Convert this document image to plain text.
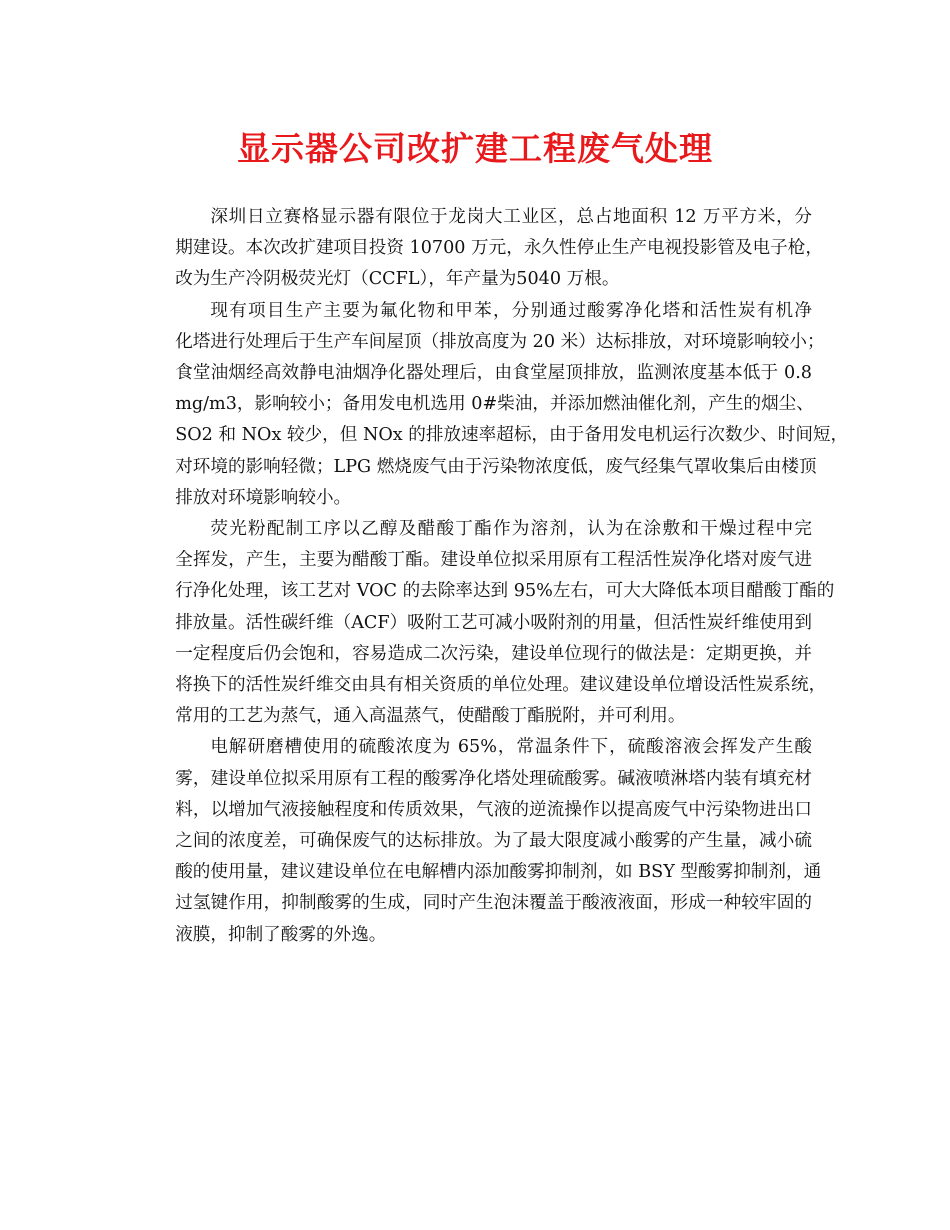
显示器公司改扩建工程废气处理

深圳日立赛格显示器有限位于龙岗大工业区，总占地面积 12 万平方米，分
期建设。本次改扩建项目投资 10700 万元，永久性停止生产电视投影管及电子枪，
改为生产冷阴极荧光灯（CCFL），年产量为5040 万根。

现有项目生产主要为氟化物和甲苯，分别通过酸雾净化塔和活性炭有机净
化塔进行处理后于生产车间屋顶（排放高度为 20 米）达标排放，对环境影响较小；
食堂油烟经高效静电油烟净化器处理后，由食堂屋顶排放，监测浓度基本低于 0.8
mg/m3，影响较小；备用发电机选用 0#柴油，并添加燃油催化剂，产生的烟尘、
SO2 和 NOx 较少，但 NOx 的排放速率超标，由于备用发电机运行次数少、时间短，
对环境的影响轻微；LPG 燃烧废气由于污染物浓度低，废气经集气罩收集后由楼顶
排放对环境影响较小。

荧光粉配制工序以乙醇及醋酸丁酯作为溶剂，认为在涂敷和干燥过程中完
全挥发，产生，主要为醋酸丁酯。建设单位拟采用原有工程活性炭净化塔对废气进
行净化处理，该工艺对 VOC 的去除率达到 95%左右，可大大降低本项目醋酸丁酯的
排放量。活性碳纤维（ACF）吸附工艺可减小吸附剂的用量，但活性炭纤维使用到
一定程度后仍会饱和，容易造成二次污染，建设单位现行的做法是：定期更换，并
将换下的活性炭纤维交由具有相关资质的单位处理。建议建设单位增设活性炭系统，
常用的工艺为蒸气，通入高温蒸气，使醋酸丁酯脱附，并可利用。

电解研磨槽使用的硫酸浓度为 65%，常温条件下，硫酸溶液会挥发产生酸
雾，建设单位拟采用原有工程的酸雾净化塔处理硫酸雾。碱液喷淋塔内装有填充材
料，以增加气液接触程度和传质效果，气液的逆流操作以提高废气中污染物进出口
之间的浓度差，可确保废气的达标排放。为了最大限度减小酸雾的产生量，减小硫
酸的使用量，建议建设单位在电解槽内添加酸雾抑制剂，如 BSY 型酸雾抑制剂，通
过氢键作用，抑制酸雾的生成，同时产生泡沫覆盖于酸液液面，形成一种较牢固的
液膜，抑制了酸雾的外逸。
